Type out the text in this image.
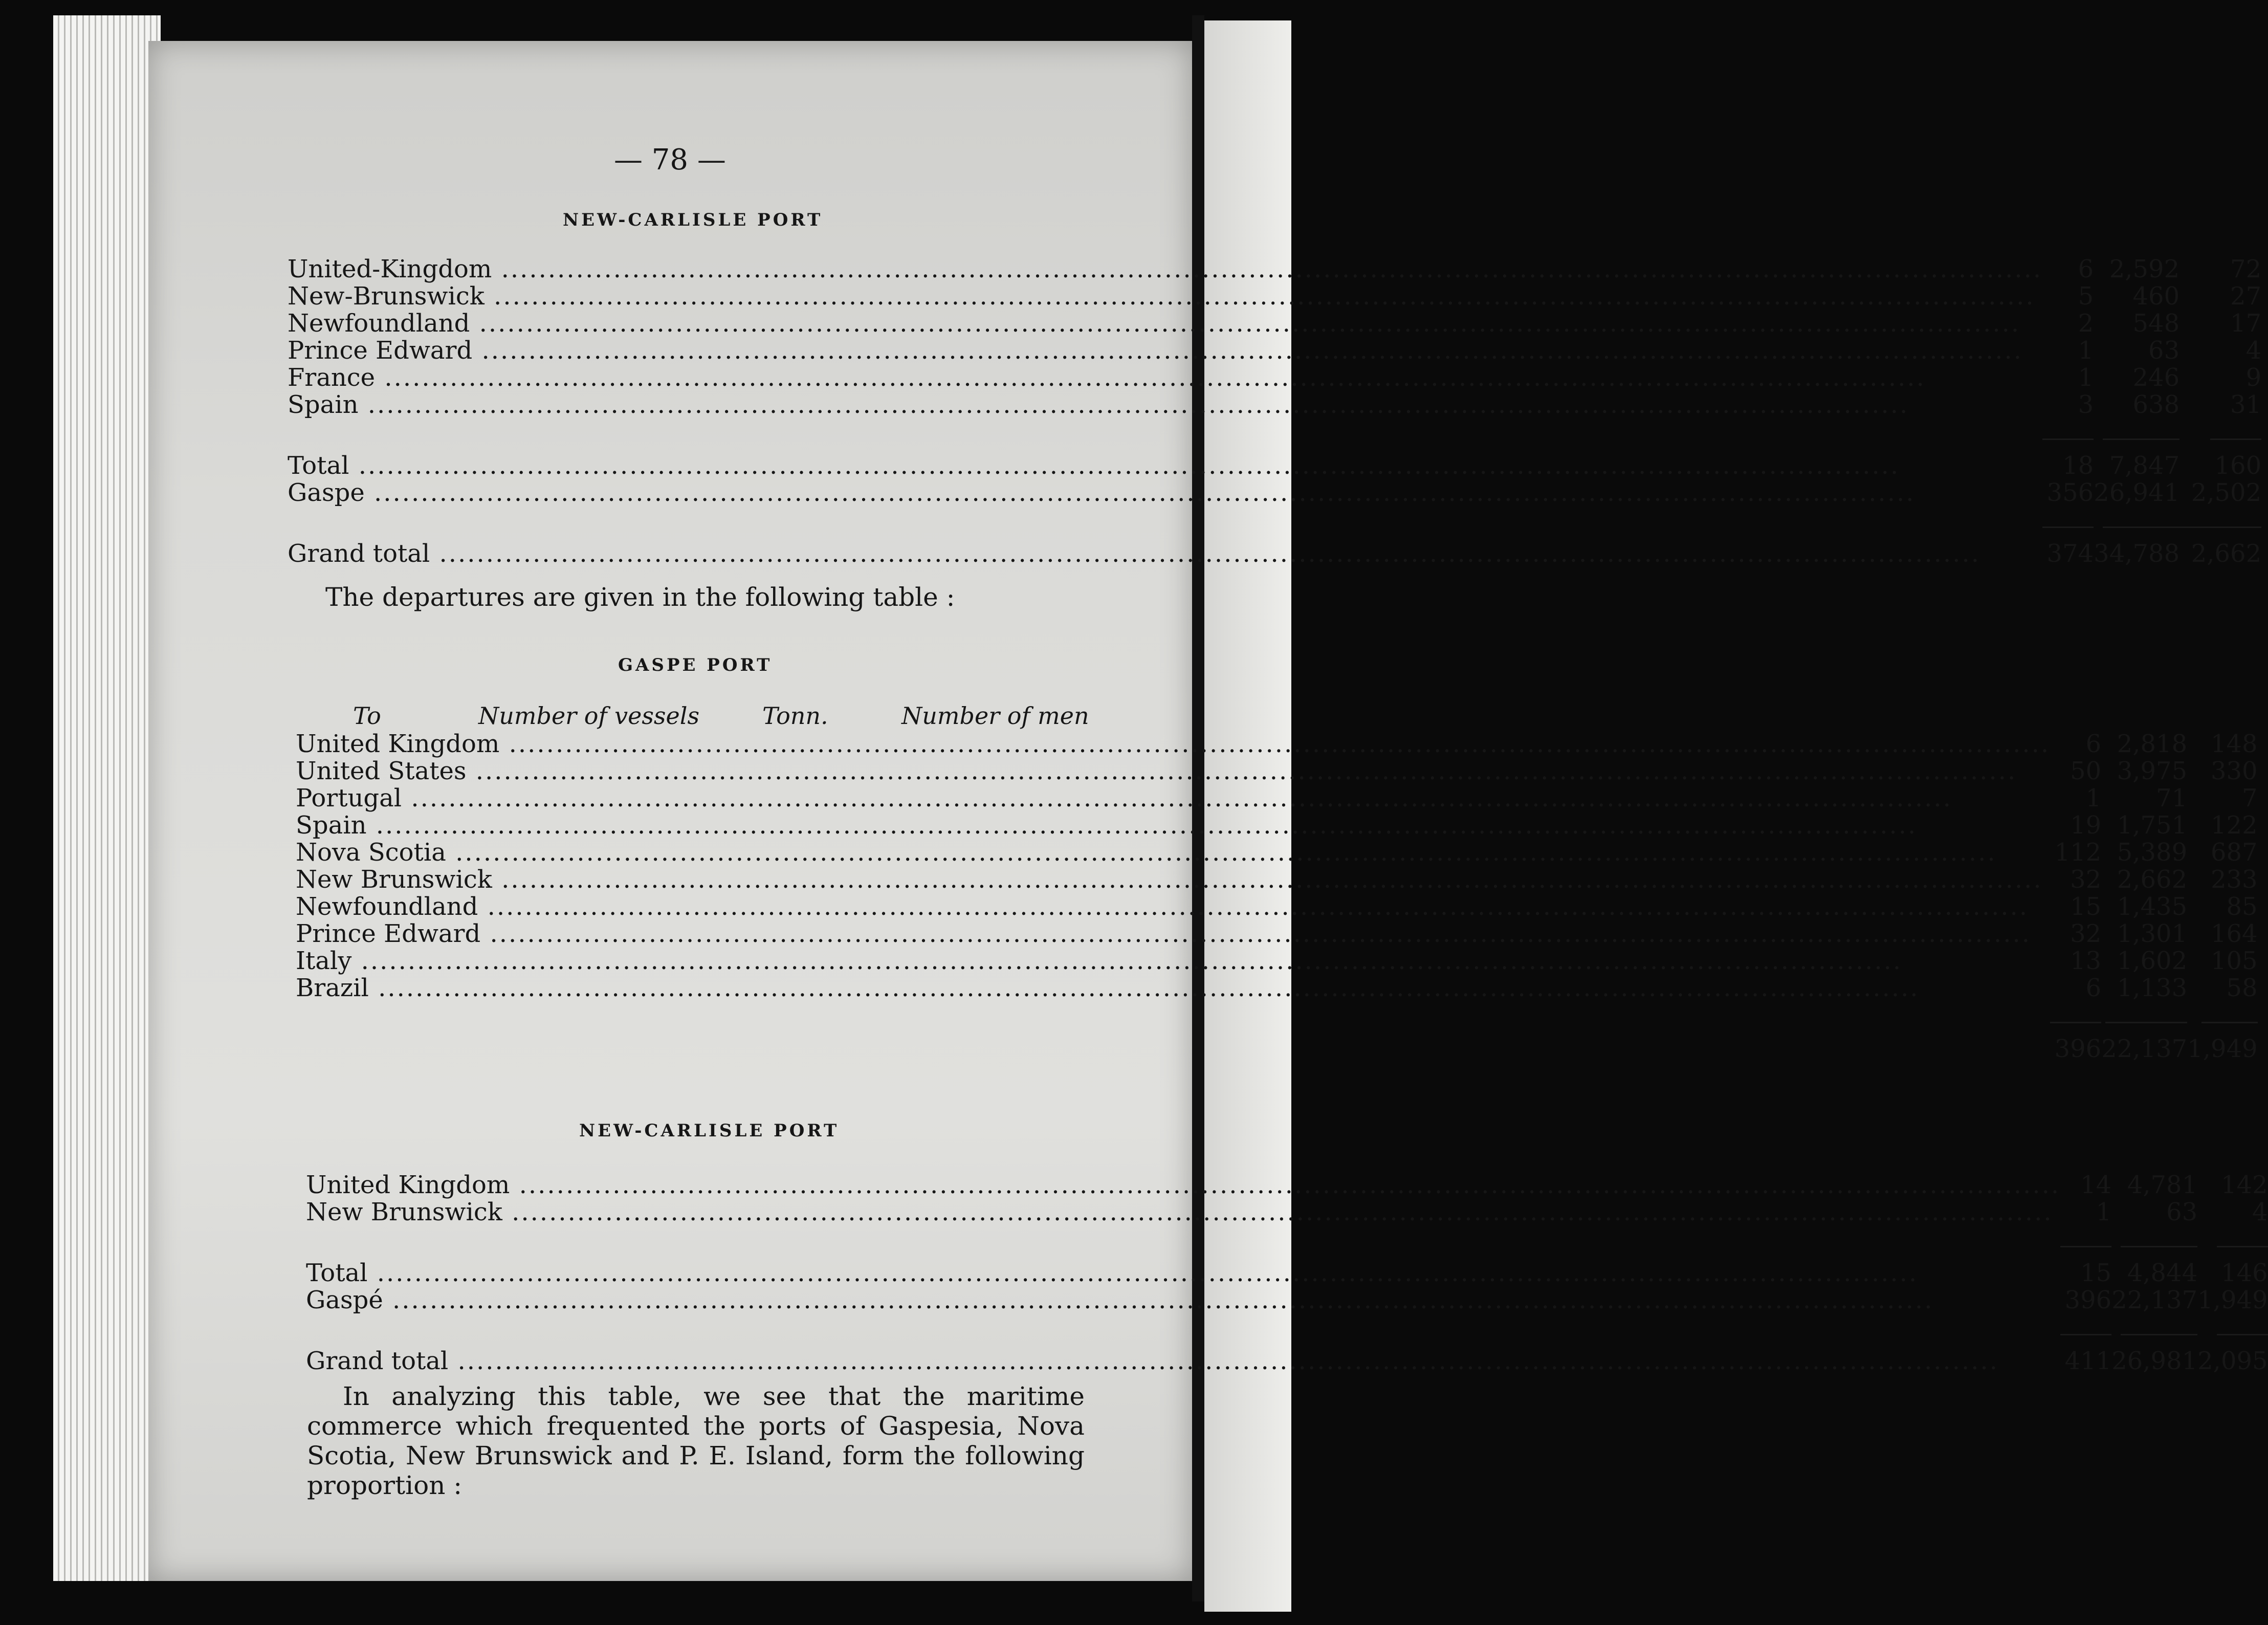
— 78 —
NEW-CARLISLE PORT
United-Kingdom .....	6	2,592	72

New-Brunswick .....	5	460	27

Newfoundland .....	2	548	17

Prince Edward .....	1	63	4

France .....	1	246	9

Spain .....	3	638	31

Total .....	18	7,847	160

Gaspe .....	356	26,941	2,502

Grand total .....	374	34,788	2,662
The departures are given in the following table :
GASPE PORT
To	Number of vessels	Tonn.	Number of men
United Kingdom .....	6	2,818	148

United States .....	50	3,975	330

Portugal .....	1	71	7

Spain .....	19	1,751	122

Nova Scotia .....	112	5,389	687

New Brunswick .....	32	2,662	233

Newfoundland .....	15	1,435	85

Prince Edward .....	32	1,301	164

Italy .....	13	1,602	105

Brazil .....	6	1,133	58

	396	22,137	1,949
NEW-CARLISLE PORT
United Kingdom .....	14	4,781	142

New Brunswick .....	1	63	4

Total .....	15	4,844	146

Gaspé .....	396	22,137	1,949

Grand total .....	411	26,981	2,095
In analyzing this table, we see that the maritime commerce which frequented the ports of Gaspesia, Nova Scotia, New Brunswick and P. E. Island, form the following proportion :
